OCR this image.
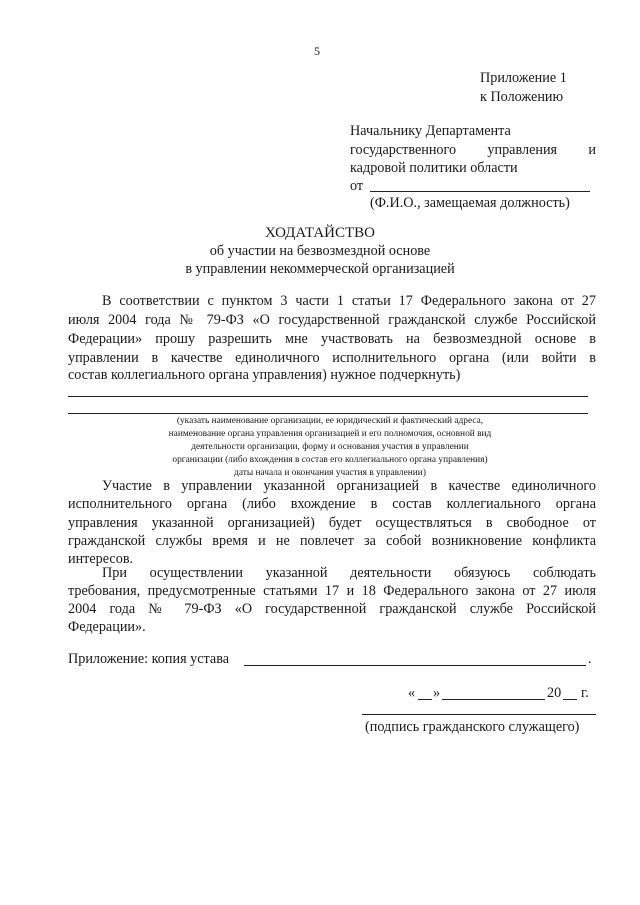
5
Приложение 1
к Положению
Начальнику Департамента
государственного управления и
кадровой политики области
от
(Ф.И.О., замещаемая должность)
ХОДАТАЙСТВО
об участии на безвозмездной основе
в управлении некоммерческой организацией
В соответствии с пунктом 3 части 1 статьи 17 Федерального закона от 27
июля 2004 года № 79-ФЗ «О государственной гражданской службе Российской
Федерации» прошу разрешить мне участвовать на безвозмездной основе в
управлении в качестве единоличного исполнительного органа (или войти в
состав коллегиального органа управления) нужное подчеркнуть)
(указать наименование организации, ее юридический и фактический адреса,
наименование органа управления организацией и его полномочия, основной вид
деятельности организации, форму и основания участия в управлении
организации (либо вхождения в состав его коллегиального органа управления)
даты начала и окончания участия в управлении)
Участие в управлении указанной организацией в качестве единоличного
исполнительного органа (либо вхождение в состав коллегиального органа
управления указанной организацией) будет осуществляться в свободное от
гражданской службы время и не повлечет за собой возникновение конфликта
интересов.
При осуществлении указанной деятельности обязуюсь соблюдать
требования, предусмотренные статьями 17 и 18 Федерального закона от 27 июля
2004 года № 79-ФЗ «О государственной гражданской службе Российской
Федерации».
Приложение: копия устава	.
« »	20 г.
(подпись гражданского служащего)
